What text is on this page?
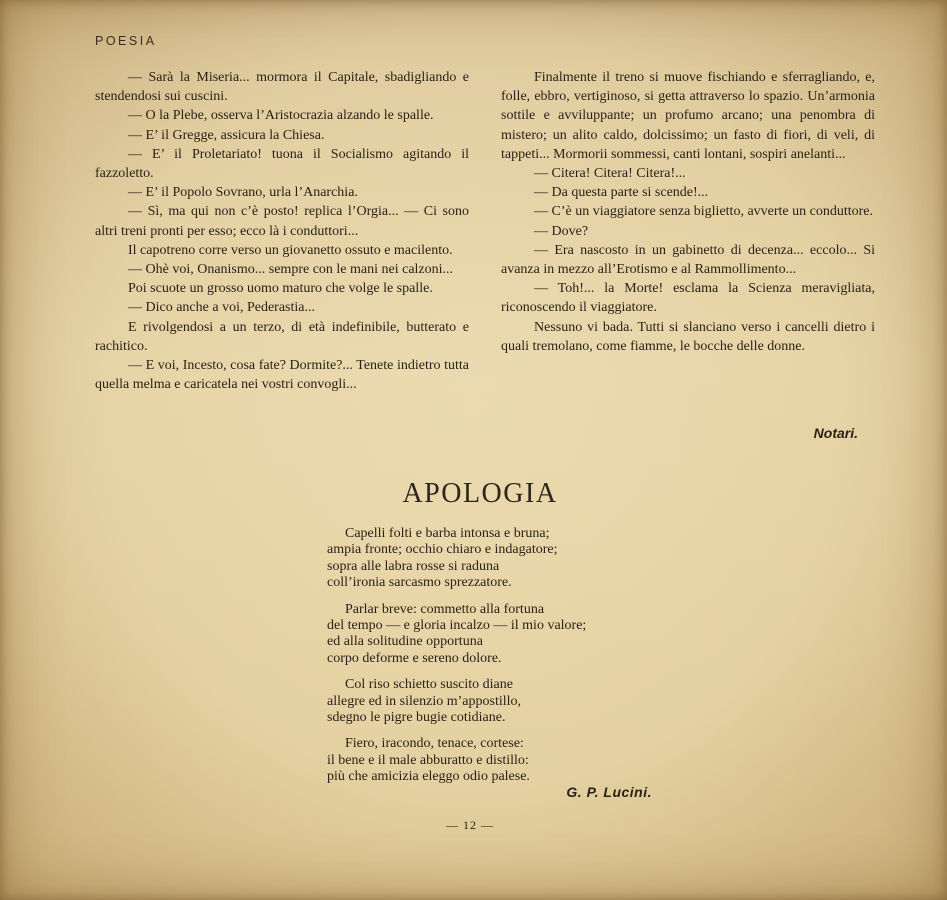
POESIA

— Sarà la Miseria... mormora il Capitale, sbadigliando e stendendosi sui cuscini.

— O la Plebe, osserva l’Aristocrazia alzando le spalle.

— E’ il Gregge, assicura la Chiesa.

— E’ il Proletariato! tuona il Socialismo agitando il fazzoletto.

— E’ il Popolo Sovrano, urla l’Anarchia.

— Sì, ma qui non c’è posto! replica l’Orgia... — Ci sono altri treni pronti per esso; ecco là i conduttori...

Il capotreno corre verso un giovanetto ossuto e macilento.

— Ohè voi, Onanismo... sempre con le mani nei calzoni...

Poi scuote un grosso uomo maturo che volge le spalle.

— Dico anche a voi, Pederastia...

E rivolgendosi a un terzo, di età indefinibile, butterato e rachitico.

— E voi, Incesto, cosa fate? Dormite?... Tenete indietro tutta quella melma e caricatela nei vostri convogli...

Finalmente il treno si muove fischiando e sferragliando, e, folle, ebbro, vertiginoso, si getta attraverso lo spazio. Un’armonia sottile e avviluppante; un profumo arcano; una penombra di mistero; un alito caldo, dolcissimo; un fasto di fiori, di veli, di tappeti... Mormorii sommessi, canti lontani, sospiri anelanti...

— Citera! Citera! Citera!...

— Da questa parte si scende!...

— C’è un viaggiatore senza biglietto, avverte un conduttore.

— Dove?

— Era nascosto in un gabinetto di decenza... eccolo... Si avanza in mezzo all’Erotismo e al Rammollimento...

— Toh!... la Morte! esclama la Scienza meravigliata, riconoscendo il viaggiatore.

Nessuno vi bada. Tutti si slanciano verso i cancelli dietro i quali tremolano, come fiamme, le bocche delle donne.

Notari.
APOLOGIA
Capelli folti e barba intonsa e bruna;
ampia fronte; occhio chiaro e indagatore;
sopra alle labra rosse si raduna
coll’ironia sarcasmo sprezzatore.
Parlar breve: commetto alla fortuna
del tempo — e gloria incalzo — il mio valore;
ed alla solitudine opportuna
corpo deforme e sereno dolore.
Col riso schietto suscito diane
allegre ed in silenzio m’appostillo,
sdegno le pigre bugie cotidiane.
Fiero, iracondo, tenace, cortese:
il bene e il male abburatto e distillo:
più che amicizia eleggo odio palese.
G. P. Lucini.
— 12 —
